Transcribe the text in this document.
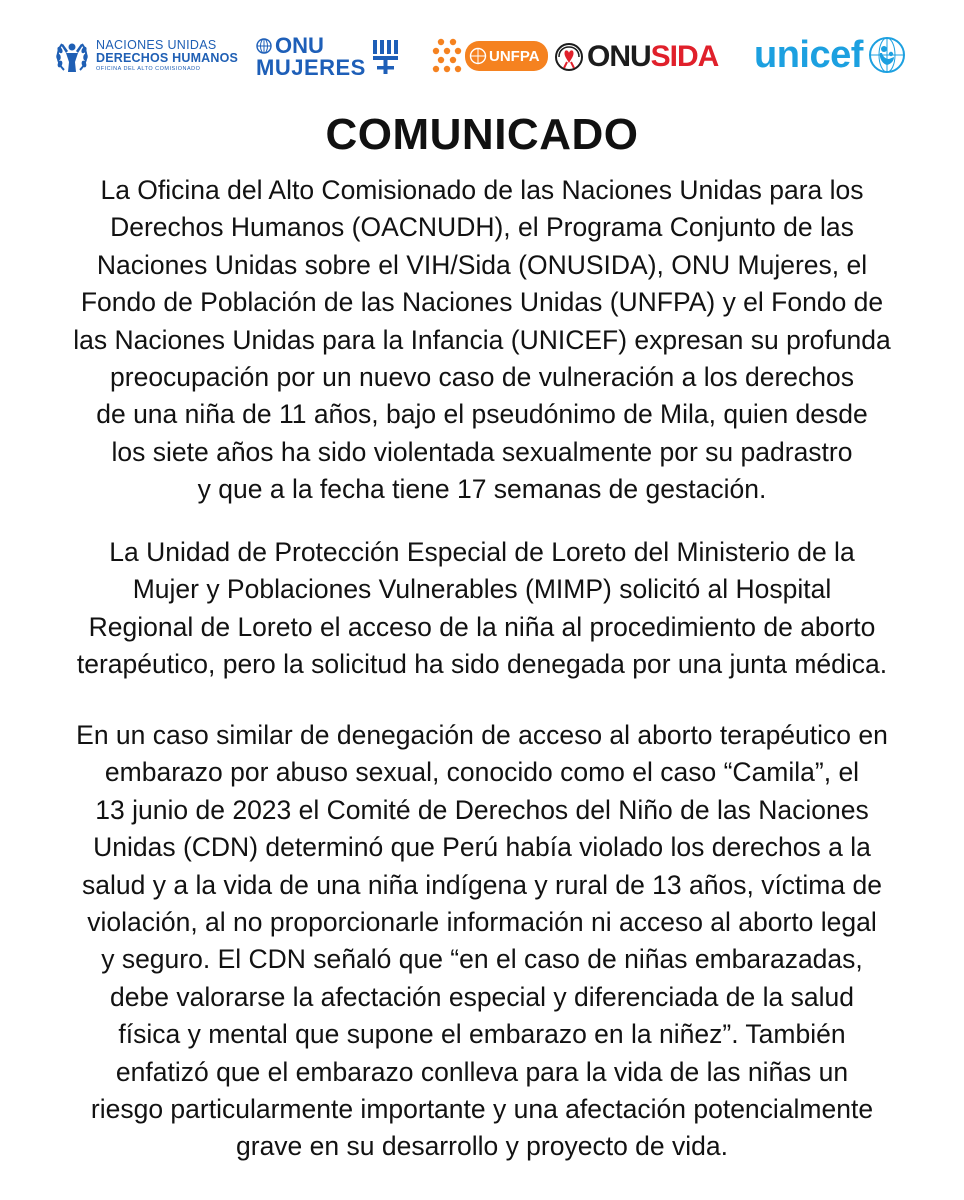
NACIONES UNIDAS
DERECHOS HUMANOS
OFICINA DEL ALTO COMISIONADO
ONU
MUJERES	UNFPA ONU SIDA unicef
COMUNICADO

La Oficina del Alto Comisionado de las Naciones Unidas para los
Derechos Humanos (OACNUDH), el Programa Conjunto de las
Naciones Unidas sobre el VIH/Sida (ONUSIDA), ONU Mujeres, el
Fondo de Población de las Naciones Unidas (UNFPA) y el Fondo de
las Naciones Unidas para la Infancia (UNICEF) expresan su profunda
preocupación por un nuevo caso de vulneración a los derechos
de una niña de 11 años, bajo el pseudónimo de Mila, quien desde
los siete años ha sido violentada sexualmente por su padrastro
y que a la fecha tiene 17 semanas de gestación.

La Unidad de Protección Especial de Loreto del Ministerio de la
Mujer y Poblaciones Vulnerables (MIMP) solicitó al Hospital
Regional de Loreto el acceso de la niña al procedimiento de aborto
terapéutico, pero la solicitud ha sido denegada por una junta médica.

En un caso similar de denegación de acceso al aborto terapéutico en
embarazo por abuso sexual, conocido como el caso “Camila”, el
13 junio de 2023 el Comité de Derechos del Niño de las Naciones
Unidas (CDN) determinó que Perú había violado los derechos a la
salud y a la vida de una niña indígena y rural de 13 años, víctima de
violación, al no proporcionarle información ni acceso al aborto legal
y seguro. El CDN señaló que “en el caso de niñas embarazadas,
debe valorarse la afectación especial y diferenciada de la salud
física y mental que supone el embarazo en la niñez”. También
enfatizó que el embarazo conlleva para la vida de las niñas un
riesgo particularmente importante y una afectación potencialmente
grave en su desarrollo y proyecto de vida.
